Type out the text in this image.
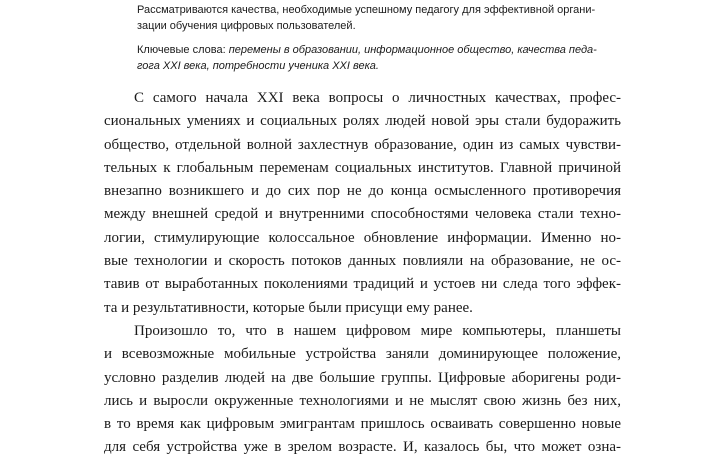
Рассматриваются качества, необходимые успешному педагогу для эффективной органи-
зации обучения цифровых пользователей.

Ключевые слова: перемены в образовании, информационное общество, качества педа-
гога XXI века, потребности ученика XXI века.

С самого начала XXI века вопросы о личностных качествах, профес-
сиональных умениях и социальных ролях людей новой эры стали будоражить
общество, отдельной волной захлестнув образование, один из самых чувстви-
тельных к глобальным переменам социальных институтов. Главной причиной
внезапно возникшего и до сих пор не до конца осмысленного противоречия
между внешней средой и внутренними способностями человека стали техно-
логии, стимулирующие колоссальное обновление информации. Именно но-
вые технологии и скорость потоков данных повлияли на образование, не ос-
тавив от выработанных поколениями традиций и устоев ни следа того эффек-
та и результативности, которые были присущи ему ранее.
Произошло то, что в нашем цифровом мире компьютеры, планшеты
и всевозможные мобильные устройства заняли доминирующее положение,
условно разделив людей на две большие группы. Цифровые аборигены роди-
лись и выросли окруженные технологиями и не мыслят свою жизнь без них,
в то время как цифровым эмигрантам пришлось осваивать совершенно новые
для себя устройства уже в зрелом возрасте. И, казалось бы, что может озна-
